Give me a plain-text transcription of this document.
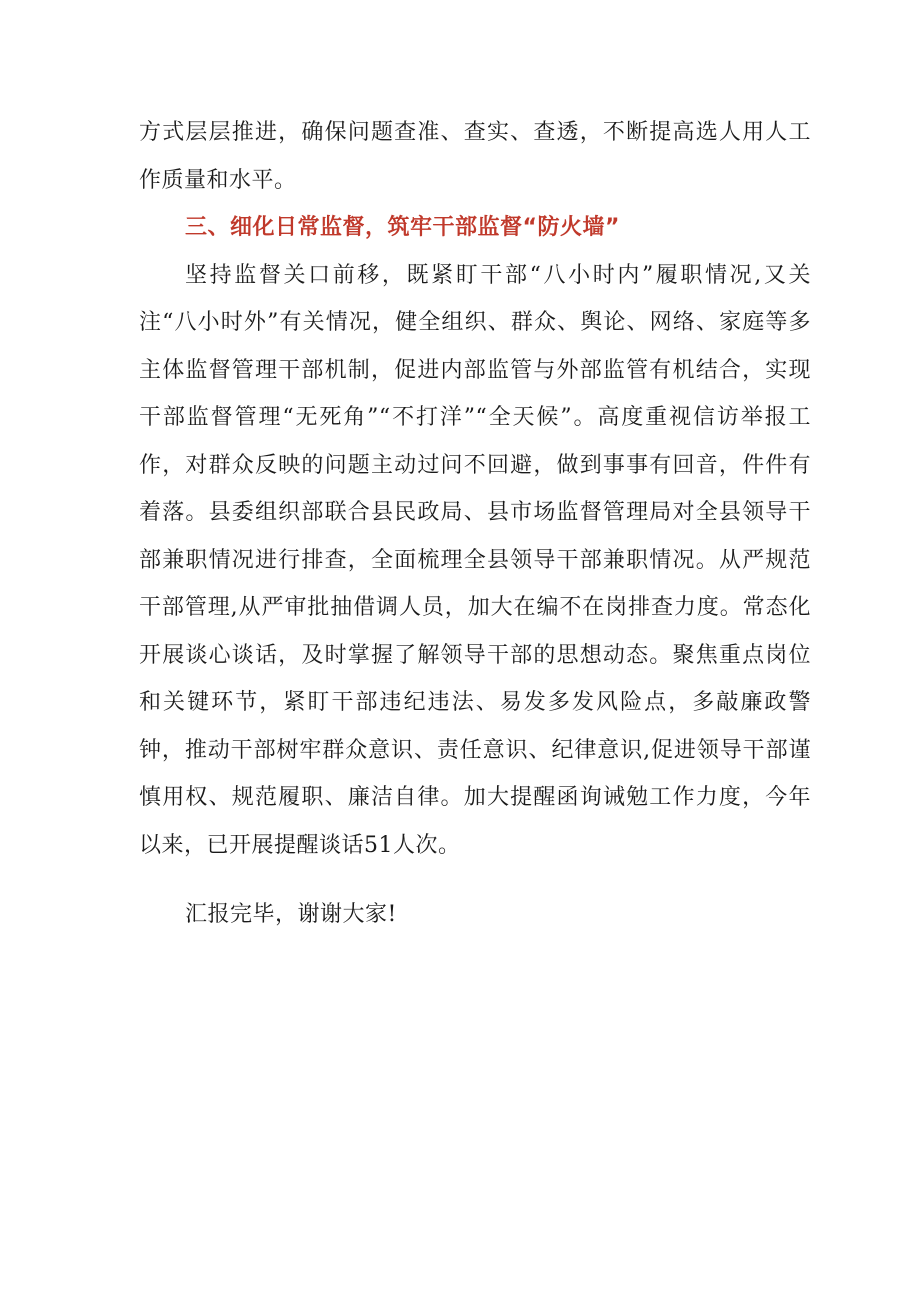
方式层层推进，确保问题查准、查实、查透，不断提高选人用人工作质量和水平。

三、细化日常监督，筑牢干部监督“防火墙”

坚持监督关口前移，既紧盯干部“八小时内”履职情况,又关注“八小时外”有关情况，健全组织、群众、舆论、网络、家庭等多主体监督管理干部机制，促进内部监管与外部监管有机结合，实现干部监督管理“无死角”“不打洋”“全天候”。高度重视信访举报工作，对群众反映的问题主动过问不回避，做到事事有回音，件件有着落。县委组织部联合县民政局、县市场监督管理局对全县领导干部兼职情况进行排查，全面梳理全县领导干部兼职情况。从严规范干部管理,从严审批抽借调人员，加大在编不在岗排查力度。常态化开展谈心谈话，及时掌握了解领导干部的思想动态。聚焦重点岗位和关键环节，紧盯干部违纪违法、易发多发风险点，多敲廉政警钟，推动干部树牢群众意识、责任意识、纪律意识,促进领导干部谨慎用权、规范履职、廉洁自律。加大提醒函询诫勉工作力度，今年以来，已开展提醒谈话51人次。

汇报完毕，谢谢大家!
